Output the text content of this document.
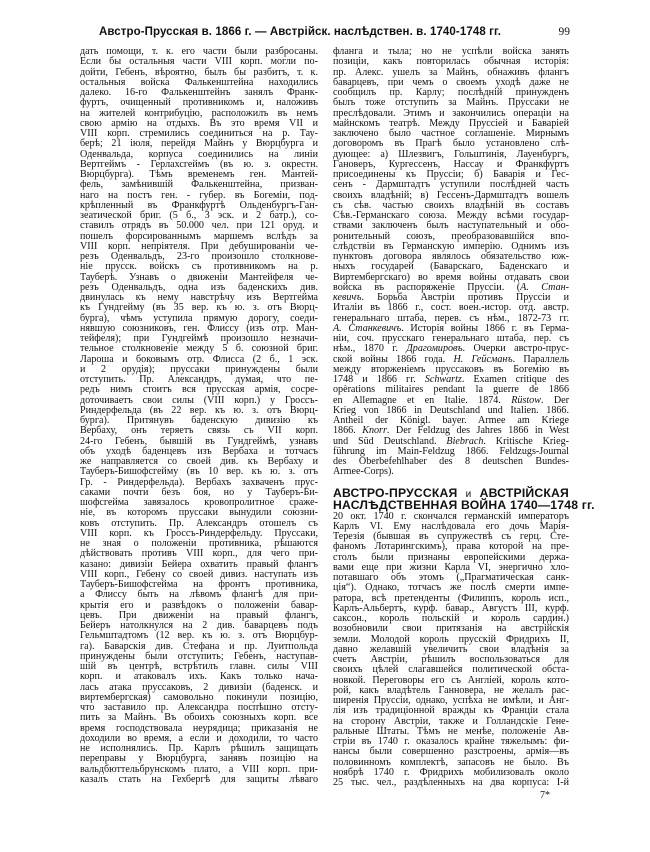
Австро-Прусская в. 1866 г. — Австрійск. наслѣдствен. в. 1740-1748 гг.	99
дать помощи, т. к. его части были разбросаны.
Если бы остальныя части VIII корп. могли по-
дойти, Гебенъ, вѣроятно, былъ бы разбитъ, т. к.
остальныя войска Фалькенштейна находились
далеко. 16-го Фалькенштейнъ занялъ Франк-
фуртъ, очищенный противникомъ и, наложивъ
на жителей контрибуцію, расположилъ въ немъ
свою армію на отдыхъ. Въ это время VII и
VIII корп. стремились соединиться на р. Тау-
берѣ; 21 іюля, перейдя Майнъ у Вюрцбурга и
Оденвальда, корпуса соединились на линіи
Вертгеймъ - Герлахсгеймъ (въ ю. з. окрестн.
Вюрцбурга). Тѣмъ временемъ ген. Мантей-
фель, замѣнившій Фалькенштейна, призван-
наго на постъ ген. - губер. въ Богеміи, под-
крѣпленный въ Франкфуртѣ Ольденбургъ-Ган-
зеатической бриг. (5 б., 3 эск. и 2 батр.), со-
ставилъ отрядъ въ 50.000 чел. при 121 оруд. и
пошелъ форсированнымъ маршемъ вслѣдъ за
VIII корп. непріятеля. При дебушированіи че-
резъ Оденвальдъ, 23-го произошло столкнове-
ніе прусск. войскъ съ противникомъ на р.
Тауберѣ. Узнавъ о движеніи Мантейфеля че-
резъ Оденвальдъ, одна изъ баденскихъ див.
двинулась къ нему навстрѣчу изъ Вертгейма
къ Гундгейму (въ 35 вер. къ ю. з. отъ Вюрц-
бурга), чѣмъ уступила прямую дорогу, соеди-
нявшую союзниковъ, ген. Флиссу (изъ отр. Ман-
тейфеля); при Гундгеймѣ произошло незначи-
тельное столкновеніе между 5 б. союзной бриг.
Лароша и боковымъ отр. Флисса (2 б., 1 эск.
и 2 орудія); пруссаки принуждены были
отступить. Пр. Александръ, думая, что пе-
редъ нимъ стоитъ вся прусская армія, сосре-
доточиваетъ свои силы (VIII корп.) у Гроссъ-
Риндерфельда (въ 22 вер. къ ю. з. отъ Вюрц-
бурга). Притянувъ баденскую дивизію къ
Вербаху, онъ теряетъ связь съ VII корп.
24-го Гебенъ, бывшій въ Гундгеймѣ, узнавъ
объ уходѣ баденцевъ изъ Вербаха и тотчасъ
же направляется со своей див. къ Вербаху и
Тауберъ-Бишофсгейму (въ 10 вер. къ ю. з. отъ
Гр. - Риндерфельда). Вербахъ захваченъ прус-
саками почти безъ боя, но у Тауберъ-Би-
шофсгейма завязалось кровопролитное сраже-
ніе, въ которомъ пруссаки вынудили союзни-
ковъ отступить. Пр. Александръ отошелъ съ
VIII корп. къ Гроссъ-Риндерфельду. Пруссаки,
не зная о положеніи противника, рѣшаются
дѣйствовать противъ VIII корп., для чего при-
казано: дивизіи Бейера охватить правый флангъ
VIII корп., Гебену со своей дивиз. наступать изъ
Тауберъ-Бишофсгейма на фронтъ противника,
а Флиссу быть на лѣвомъ флангѣ для при-
крытія его и развѣдокъ о положеніи бавар-
цевъ. При движеніи на правый флангъ,
Бейеръ натолкнулся на 2 див. баварцевъ подъ
Гельмштадтомъ (12 вер. къ ю. з. отъ Вюрцбур-
га). Баварскія див. Стефана и пр. Луитпольда
принуждены были отступить; Гебенъ, наступав-
шій въ центрѣ, встрѣтилъ главн. силы VIII
корп. и атаковалъ ихъ. Какъ только нача-
лась атака пруссаковъ, 2 дивизіи (баденск. и
виртембергская) самовольно покинули позицію,
что заставило пр. Александра поспѣшно отсту-
пить за Майнъ. Въ обоихъ союзныхъ корп. все
время господствовала неурядица; приказанія не
доходили во время, а если и доходили, то часто
не исполнялись. Пр. Карлъ рѣшилъ защищать
переправы у Вюрцбурга, занявъ позицію на
вальдбюттельбрунскомъ плато, а VIII корп. при-
казалъ стать на Гехбергѣ для защиты лѣваго
фланга и тыла; но не успѣли войска занять
позиціи, какъ повторилась обычная исторія:
пр. Алекс. ушелъ за Майнъ, обнаживъ флангъ
баварцевъ, при чемъ о своемъ уходѣ даже не
сообщилъ пр. Карлу; послѣдній принужденъ
былъ тоже отступить за Майнъ. Пруссаки не
преслѣдовали. Этимъ и закончились операціи на
майнскомъ театрѣ. Между Пруссіей и Баваріей
заключено было частное соглашеніе. Мирнымъ
договоромъ въ Прагѣ было установлено слѣ-
дующее: а) Шлезвигъ, Гольштинія, Лауенбургъ,
Гановеръ, Кургессенъ, Нассау и Франкфуртъ
присоединены къ Пруссіи; б) Баварія и Гес-
сенъ - Дармштадтъ уступили послѣдней часть
своихъ владѣній; в) Гессенъ-Дармштадтъ вошелъ
съ сѣв. частью своихъ владѣній въ составъ
Сѣв.-Германскаго союза. Между всѣми государ-
ствами заключенъ былъ наступательный и обо-
ронительный союзъ, преобразовавшійся впо-
слѣдствіи въ Германскую имперію. Однимъ изъ
пунктовъ договора являлось обязательство юж-
ныхъ государей (Баварскаго, Баденскаго и
Виртембергскаго) во время войны отдавать свои
войска въ распоряженіе Пруссіи. (А. Стан-
кевичъ. Борьба Австріи противъ Пруссіи и
Италіи въ 1866 г., сост. воен.-истор. отд. австр.
генеральнаго штаба, перев. съ нѣм., 1872-73 гг.
А. Станкевичъ. Исторія войны 1866 г. въ Герма-
ніи, соч. прусскаго генеральнаго штаба, пер. съ
нѣм., 1870 г. Драгомировъ. Очерки австро-прус-
ской войны 1866 года. Н. Гейсманъ. Параллель
между вторженіемъ пруссаковъ въ Богемію въ
1748 и 1866 гг. Schwartz. Examen critique des
opèrations militaires pendant la guerre de 1866
en Allemagne et en Italie. 1874. Rüstow. Der
Krieg von 1866 in Deutschland und Italien. 1866.
Antheil der Königl. bayer. Armee am Kriege
1866. Knorr. Der Feldzug des Jahres 1866 in West
und Süd Deutschland. Biebrach. Kritische Krieg-
führung im Main-Feldzug 1866. Feldzugs-Journal
des Oberbefehlhaber des 8 deutschen Bundes-
Armee-Corps).
АВСТРО-ПРУССКАЯ и АВСТРІЙСКАЯ
НАСЛѢДСТВЕННАЯ ВОЙНА 1740—1748 гг.
20 окт. 1740 г. скончался германскій императоръ
Карлъ VI. Ему наслѣдовала его дочь Марія-
Терезія (бывшая въ супружествѣ съ герц. Сте-
фаномъ Лотарингскимъ), права которой на пре-
столъ были признаны европейскими держа-
вами еще при жизни Карла VI, энергично хло-
потавшаго объ этомъ („Прагматическая санк-
ція“). Однако, тотчасъ же послѣ смерти импе-
ратора, всѣ претенденты (Филиппъ, король исп.,
Карлъ-Альбертъ, курф. бавар., Августъ III, курф.
саксон., король польскій и король сардин.)
возобновили свои притязанія на австрійскія
земли. Молодой король прусскій Фридрихъ II,
давно желавшій увеличить свои владѣнія за
счетъ Австріи, рѣшилъ воспользоваться для
своихъ цѣлей слагавшейся политической обста-
новкой. Переговоры его съ Англіей, король кото-
рой, какъ владѣтель Ганновера, не желалъ рас-
ширенія Пруссіи, однако, успѣха не имѣли, и Анг-
лія изъ традиціонной вражды къ Франціи стала
на сторону Австріи, также и Голландскіе Гене-
ральные Штаты. Тѣмъ не менѣе, положеніе Ав-
стріи въ 1740 г. оказалось крайне тяжелымъ: фи-
нансы были совершенно разстроены, армія—въ
половинномъ комплектѣ, запасовъ не было. Въ
ноябрѣ 1740 г. Фридрихъ мобилизовалъ около
25 тыс. чел., раздѣленныхъ на два корпуса: І-й
7*
